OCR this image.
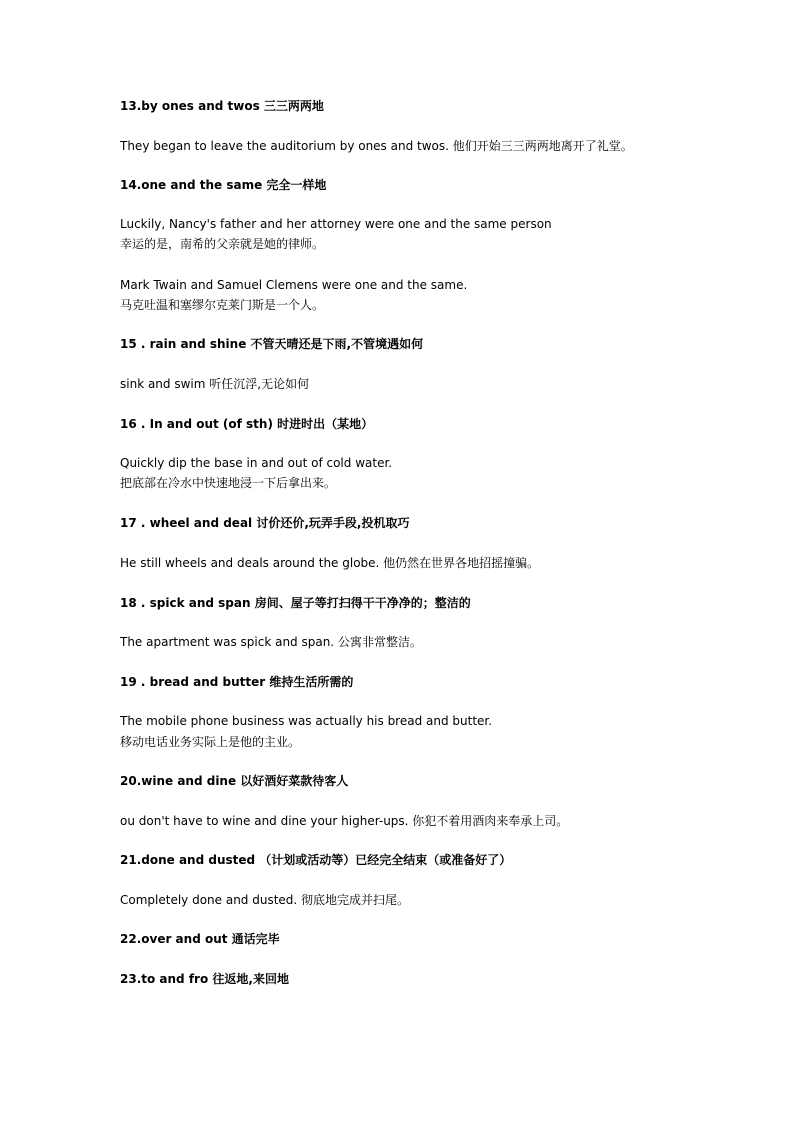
13.by ones and twos 三三两两地
They began to leave the auditorium by ones and twos. 他们开始三三两两地离开了礼堂。
14.one and the same 完全一样地
Luckily, Nancy's father and her attorney were one and the same person
幸运的是，南希的父亲就是她的律师。
Mark Twain and Samuel Clemens were one and the same.
马克吐温和塞缪尔克莱门斯是一个人。
15 . rain and shine 不管天晴还是下雨,不管境遇如何
sink and swim 听任沉浮,无论如何
16 . In and out (of sth) 时进时出（某地）
Quickly dip the base in and out of cold water.
把底部在冷水中快速地浸一下后拿出来。
17 . wheel and deal 讨价还价,玩弄手段,投机取巧
He still wheels and deals around the globe. 他仍然在世界各地招摇撞骗。
18 . spick and span 房间、屋子等打扫得干干净净的；整洁的
The apartment was spick and span. 公寓非常整洁。
19 . bread and butter 维持生活所需的
The mobile phone business was actually his bread and butter.
移动电话业务实际上是他的主业。
20.wine and dine 以好酒好菜款待客人
ou don't have to wine and dine your higher-ups. 你犯不着用酒肉来奉承上司。
21.done and dusted （计划或活动等）已经完全结束（或准备好了）
Completely done and dusted. 彻底地完成并扫尾。
22.over and out 通话完毕
23.to and fro 往返地,来回地
